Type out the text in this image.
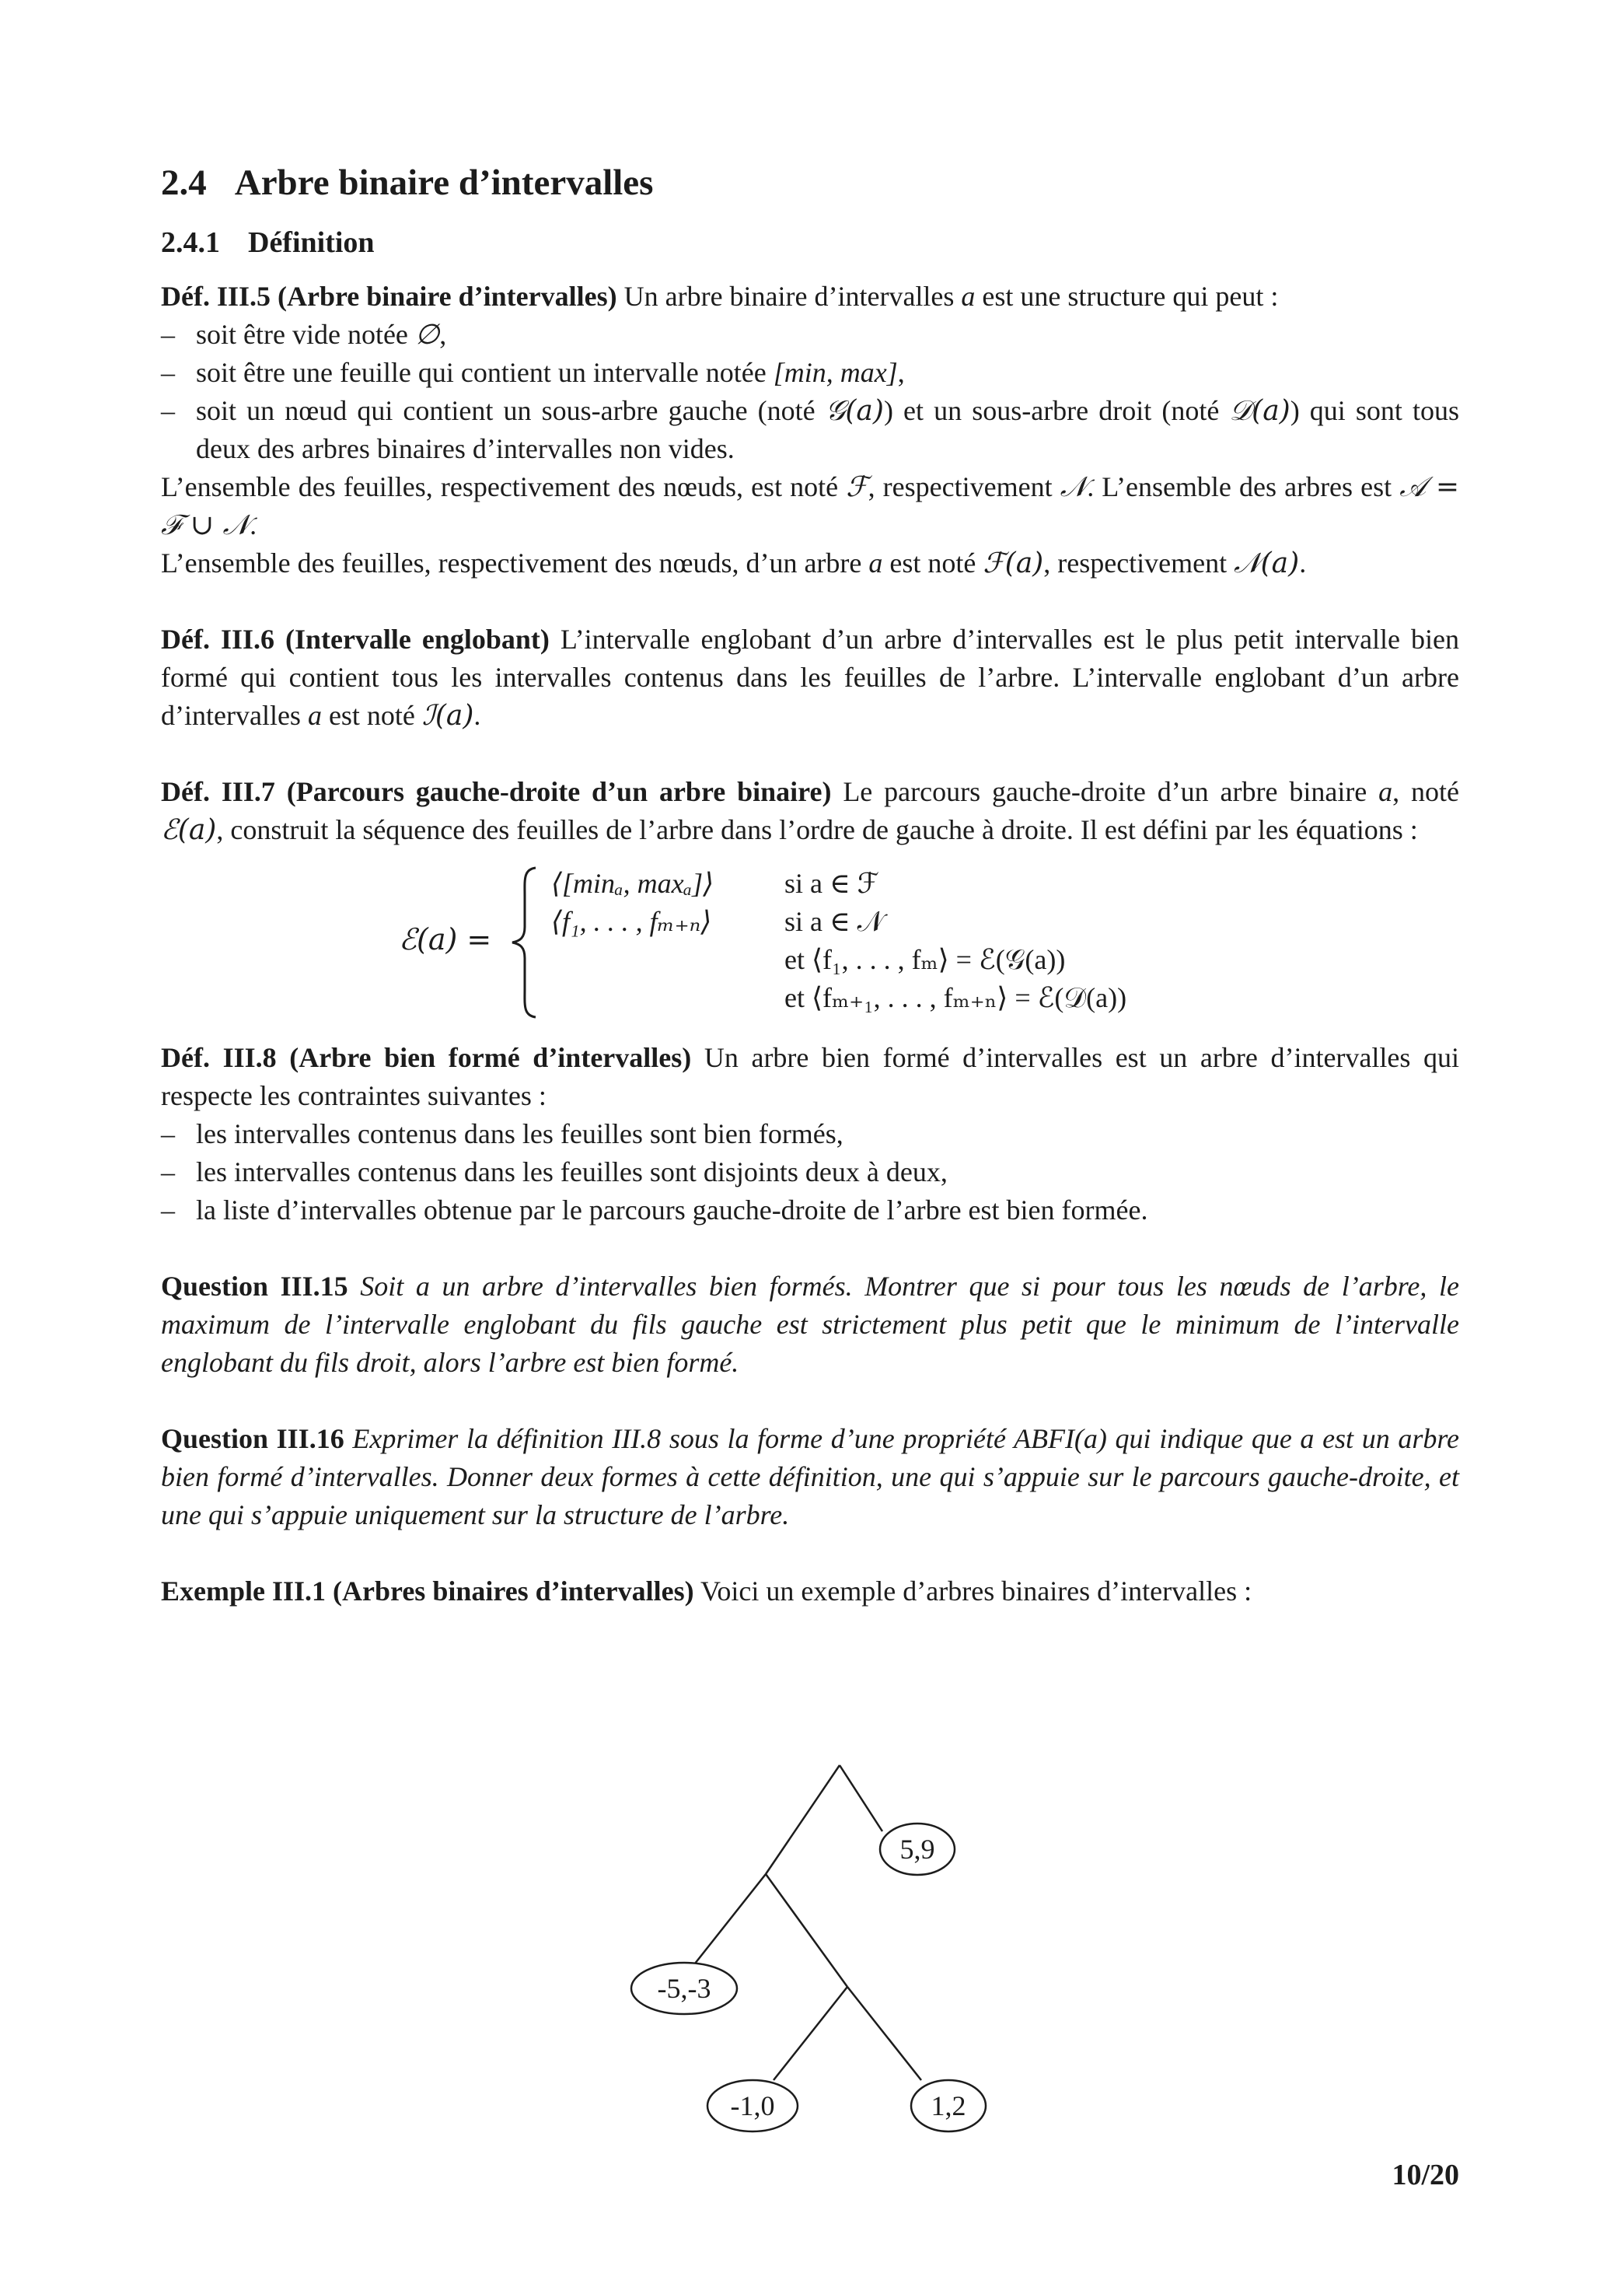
2.4 Arbre binaire d’intervalles
2.4.1 Définition

Déf. III.5 (Arbre binaire d’intervalles) Un arbre binaire d’intervalles a est une structure qui peut :

– soit être vide notée ∅,
– soit être une feuille qui contient un intervalle notée [min, max],
– soit un nœud qui contient un sous-arbre gauche (noté 𝒢(a)) et un sous-arbre droit (noté 𝒟(a)) qui sont tous deux des arbres binaires d’intervalles non vides.

L’ensemble des feuilles, respectivement des nœuds, est noté ℱ, respectivement 𝒩. L’ensemble des arbres est 𝒜 = ℱ ∪ 𝒩.

L’ensemble des feuilles, respectivement des nœuds, d’un arbre a est noté ℱ(a), respectivement 𝒩(a).

Déf. III.6 (Intervalle englobant) L’intervalle englobant d’un arbre d’intervalles est le plus petit intervalle bien formé qui contient tous les intervalles contenus dans les feuilles de l’arbre. L’intervalle englobant d’un arbre d’intervalles a est noté ℐ(a).

Déf. III.7 (Parcours gauche-droite d’un arbre binaire) Le parcours gauche-droite d’un arbre binaire a, noté ℰ(a), construit la séquence des feuilles de l’arbre dans l’ordre de gauche à droite. Il est défini par les équations :

ℰ(a) =
⟨[minₐ, maxₐ]⟩	si a ∈ ℱ
⟨f₁, . . . , fₘ₊ₙ⟩	si a ∈ 𝒩
et ⟨f₁, . . . , fₘ⟩ = ℰ(𝒢(a))
et ⟨fₘ₊₁, . . . , fₘ₊ₙ⟩ = ℰ(𝒟(a))

Déf. III.8 (Arbre bien formé d’intervalles) Un arbre bien formé d’intervalles est un arbre d’intervalles qui respecte les contraintes suivantes :

– les intervalles contenus dans les feuilles sont bien formés,
– les intervalles contenus dans les feuilles sont disjoints deux à deux,
– la liste d’intervalles obtenue par le parcours gauche-droite de l’arbre est bien formée.

Question III.15 Soit a un arbre d’intervalles bien formés. Montrer que si pour tous les nœuds de l’arbre, le maximum de l’intervalle englobant du fils gauche est strictement plus petit que le minimum de l’intervalle englobant du fils droit, alors l’arbre est bien formé.

Question III.16 Exprimer la définition III.8 sous la forme d’une propriété ABFI(a) qui indique que a est un arbre bien formé d’intervalles. Donner deux formes à cette définition, une qui s’appuie sur le parcours gauche-droite, et une qui s’appuie uniquement sur la structure de l’arbre.

Exemple III.1 (Arbres binaires d’intervalles) Voici un exemple d’arbres binaires d’intervalles :

5,9
-5,-3
-1,0	1,2
10/20
